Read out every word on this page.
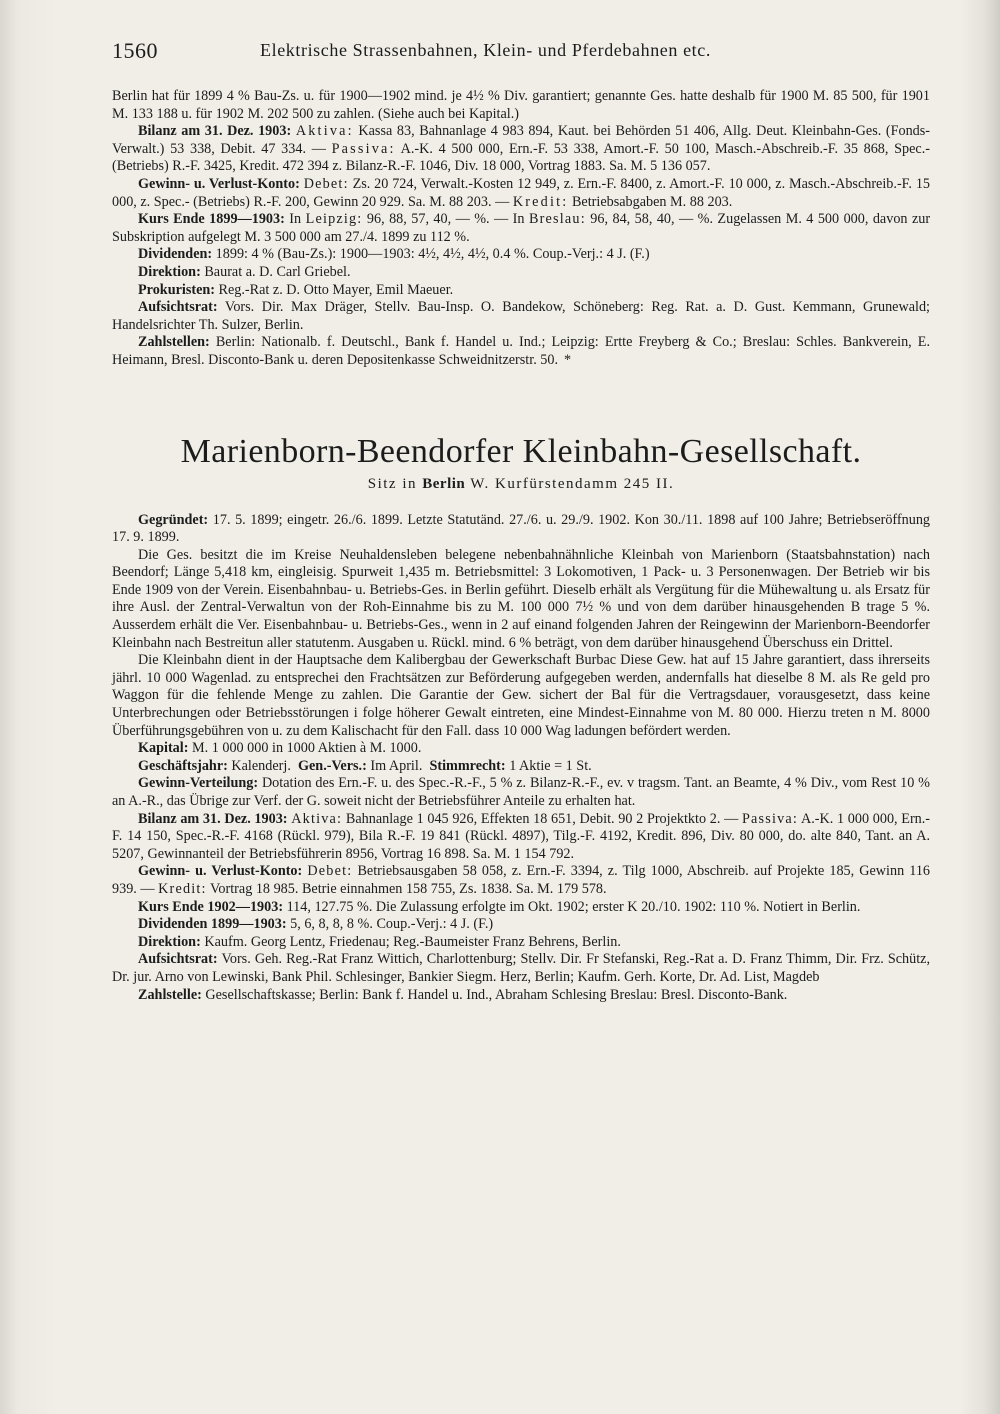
1560	Elektrische Strassenbahnen, Klein- und Pferdebahnen etc.

Berlin hat für 1899 4 % Bau-Zs. u. für 1900—1902 mind. je 4½ % Div. garantiert; genannte Ges. hatte deshalb für 1900 M. 85 500, für 1901 M. 133 188 u. für 1902 M. 202 500 zu zahlen. (Siehe auch bei Kapital.)

Bilanz am 31. Dez. 1903: Aktiva: Kassa 83, Bahnanlage 4 983 894, Kaut. bei Behörden 51 406, Allg. Deut. Kleinbahn-Ges. (Fonds-Verwalt.) 53 338, Debit. 47 334. — Passiva: A.-K. 4 500 000, Ern.-F. 53 338, Amort.-F. 50 100, Masch.-Abschreib.-F. 35 868, Spec.- (Betriebs) R.-F. 3425, Kredit. 472 394 z. Bilanz-R.-F. 1046, Div. 18 000, Vortrag 1883. Sa. M. 5 136 057.

Gewinn- u. Verlust-Konto: Debet: Zs. 20 724, Verwalt.-Kosten 12 949, z. Ern.-F. 8400, z. Amort.-F. 10 000, z. Masch.-Abschreib.-F. 15 000, z. Spec.- (Betriebs) R.-F. 200, Gewinn 20 929. Sa. M. 88 203. — Kredit: Betriebsabgaben M. 88 203.

Kurs Ende 1899—1903: In Leipzig: 96, 88, 57, 40, — %. — In Breslau: 96, 84, 58, 40, — %. Zugelassen M. 4 500 000, davon zur Subskription aufgelegt M. 3 500 000 am 27./4. 1899 zu 112 %.

Dividenden: 1899: 4 % (Bau-Zs.): 1900—1903: 4½, 4½, 4½, 0.4 %. Coup.-Verj.: 4 J. (F.)

Direktion: Baurat a. D. Carl Griebel.

Prokuristen: Reg.-Rat z. D. Otto Mayer, Emil Maeuer.

Aufsichtsrat: Vors. Dir. Max Dräger, Stellv. Bau-Insp. O. Bandekow, Schöneberg: Reg. Rat. a. D. Gust. Kemmann, Grunewald; Handelsrichter Th. Sulzer, Berlin.

Zahlstellen: Berlin: Nationalb. f. Deutschl., Bank f. Handel u. Ind.; Leipzig: Ertte Freyberg & Co.; Breslau: Schles. Bankverein, E. Heimann, Bresl. Disconto-Bank u. deren Depositenkasse Schweidnitzerstr. 50. *

Marienborn-Beendorfer Kleinbahn-Gesellschaft.
Sitz in Berlin W. Kurfürstendamm 245 II.

Gegründet: 17. 5. 1899; eingetr. 26./6. 1899. Letzte Statutänd. 27./6. u. 29./9. 1902. Kon 30./11. 1898 auf 100 Jahre; Betriebseröffnung 17. 9. 1899.

Die Ges. besitzt die im Kreise Neuhaldensleben belegene nebenbahnähnliche Kleinbah von Marienborn (Staatsbahnstation) nach Beendorf; Länge 5,418 km, eingleisig. Spurweit 1,435 m. Betriebsmittel: 3 Lokomotiven, 1 Pack- u. 3 Personenwagen. Der Betrieb wir bis Ende 1909 von der Verein. Eisenbahnbau- u. Betriebs-Ges. in Berlin geführt. Dieselb erhält als Vergütung für die Mühewaltung u. als Ersatz für ihre Ausl. der Zentral-Verwaltun von der Roh-Einnahme bis zu M. 100 000 7½ % und von dem darüber hinausgehenden B trage 5 %. Ausserdem erhält die Ver. Eisenbahnbau- u. Betriebs-Ges., wenn in 2 auf einand folgenden Jahren der Reingewinn der Marienborn-Beendorfer Kleinbahn nach Bestreitun aller statutenm. Ausgaben u. Rückl. mind. 6 % beträgt, von dem darüber hinausgehend Überschuss ein Drittel.

Die Kleinbahn dient in der Hauptsache dem Kalibergbau der Gewerkschaft Burbac Diese Gew. hat auf 15 Jahre garantiert, dass ihrerseits jährl. 10 000 Wagenlad. zu entsprechei den Frachtsätzen zur Beförderung aufgegeben werden, andernfalls hat dieselbe 8 M. als Re geld pro Waggon für die fehlende Menge zu zahlen. Die Garantie der Gew. sichert der Bal für die Vertragsdauer, vorausgesetzt, dass keine Unterbrechungen oder Betriebsstörungen i folge höherer Gewalt eintreten, eine Mindest-Einnahme von M. 80 000. Hierzu treten n M. 8000 Überführungsgebühren von u. zu dem Kalischacht für den Fall. dass 10 000 Wag ladungen befördert werden.

Kapital: M. 1 000 000 in 1000 Aktien à M. 1000.

Geschäftsjahr: Kalenderj. Gen.-Vers.: Im April. Stimmrecht: 1 Aktie = 1 St.

Gewinn-Verteilung: Dotation des Ern.-F. u. des Spec.-R.-F., 5 % z. Bilanz-R.-F., ev. v tragsm. Tant. an Beamte, 4 % Div., vom Rest 10 % an A.-R., das Übrige zur Verf. der G. soweit nicht der Betriebsführer Anteile zu erhalten hat.

Bilanz am 31. Dez. 1903: Aktiva: Bahnanlage 1 045 926, Effekten 18 651, Debit. 90 2 Projektkto 2. — Passiva: A.-K. 1 000 000, Ern.-F. 14 150, Spec.-R.-F. 4168 (Rückl. 979), Bila R.-F. 19 841 (Rückl. 4897), Tilg.-F. 4192, Kredit. 896, Div. 80 000, do. alte 840, Tant. an A. 5207, Gewinnanteil der Betriebsführerin 8956, Vortrag 16 898. Sa. M. 1 154 792.

Gewinn- u. Verlust-Konto: Debet: Betriebsausgaben 58 058, z. Ern.-F. 3394, z. Tilg 1000, Abschreib. auf Projekte 185, Gewinn 116 939. — Kredit: Vortrag 18 985. Betrie einnahmen 158 755, Zs. 1838. Sa. M. 179 578.

Kurs Ende 1902—1903: 114, 127.75 %. Die Zulassung erfolgte im Okt. 1902; erster K 20./10. 1902: 110 %. Notiert in Berlin.

Dividenden 1899—1903: 5, 6, 8, 8, 8 %. Coup.-Verj.: 4 J. (F.)

Direktion: Kaufm. Georg Lentz, Friedenau; Reg.-Baumeister Franz Behrens, Berlin.

Aufsichtsrat: Vors. Geh. Reg.-Rat Franz Wittich, Charlottenburg; Stellv. Dir. Fr Stefanski, Reg.-Rat a. D. Franz Thimm, Dir. Frz. Schütz, Dr. jur. Arno von Lewinski, Bank Phil. Schlesinger, Bankier Siegm. Herz, Berlin; Kaufm. Gerh. Korte, Dr. Ad. List, Magdeb

Zahlstelle: Gesellschaftskasse; Berlin: Bank f. Handel u. Ind., Abraham Schlesing Breslau: Bresl. Disconto-Bank.
